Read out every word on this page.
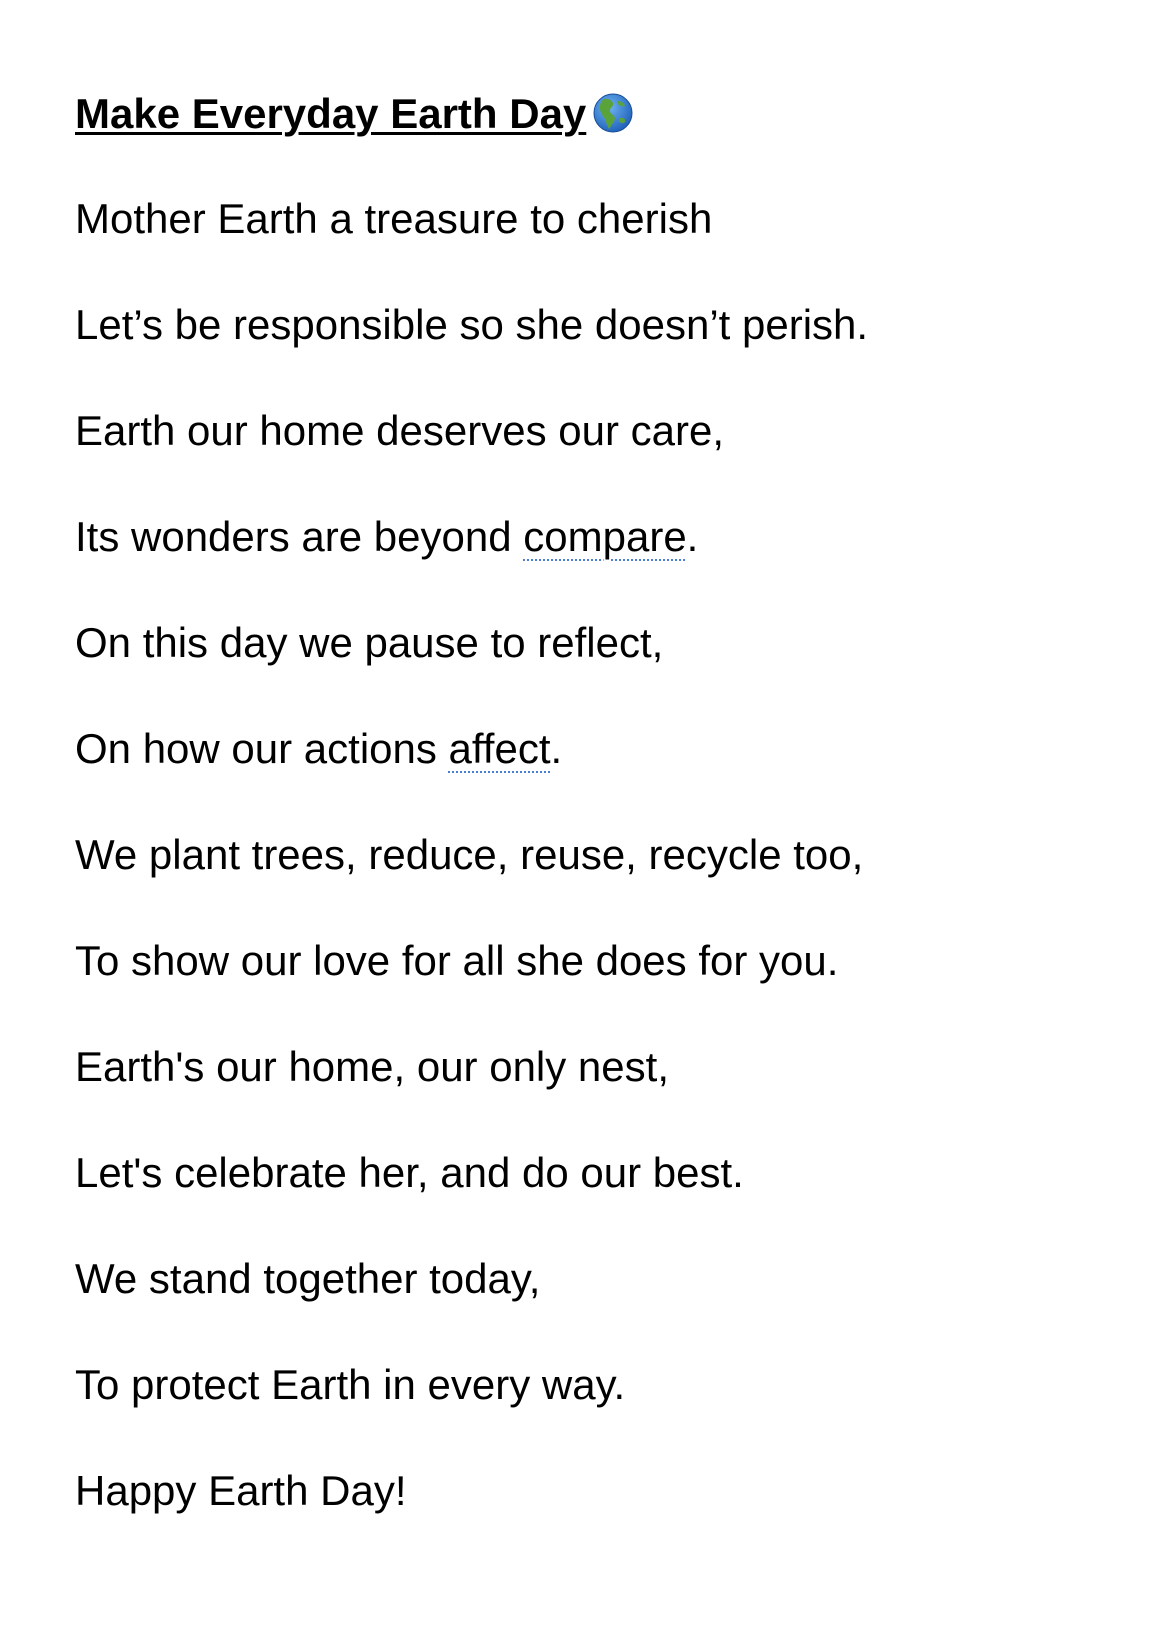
Make Everyday Earth Day
Mother Earth a treasure to cherish
Let’s be responsible so she doesn’t perish.
Earth our home deserves our care,
Its wonders are beyond compare.
On this day we pause to reflect,
On how our actions affect.
We plant trees, reduce, reuse, recycle too,
To show our love for all she does for you.
Earth's our home, our only nest,
Let's celebrate her, and do our best.
We stand together today,
To protect Earth in every way.
Happy Earth Day!
